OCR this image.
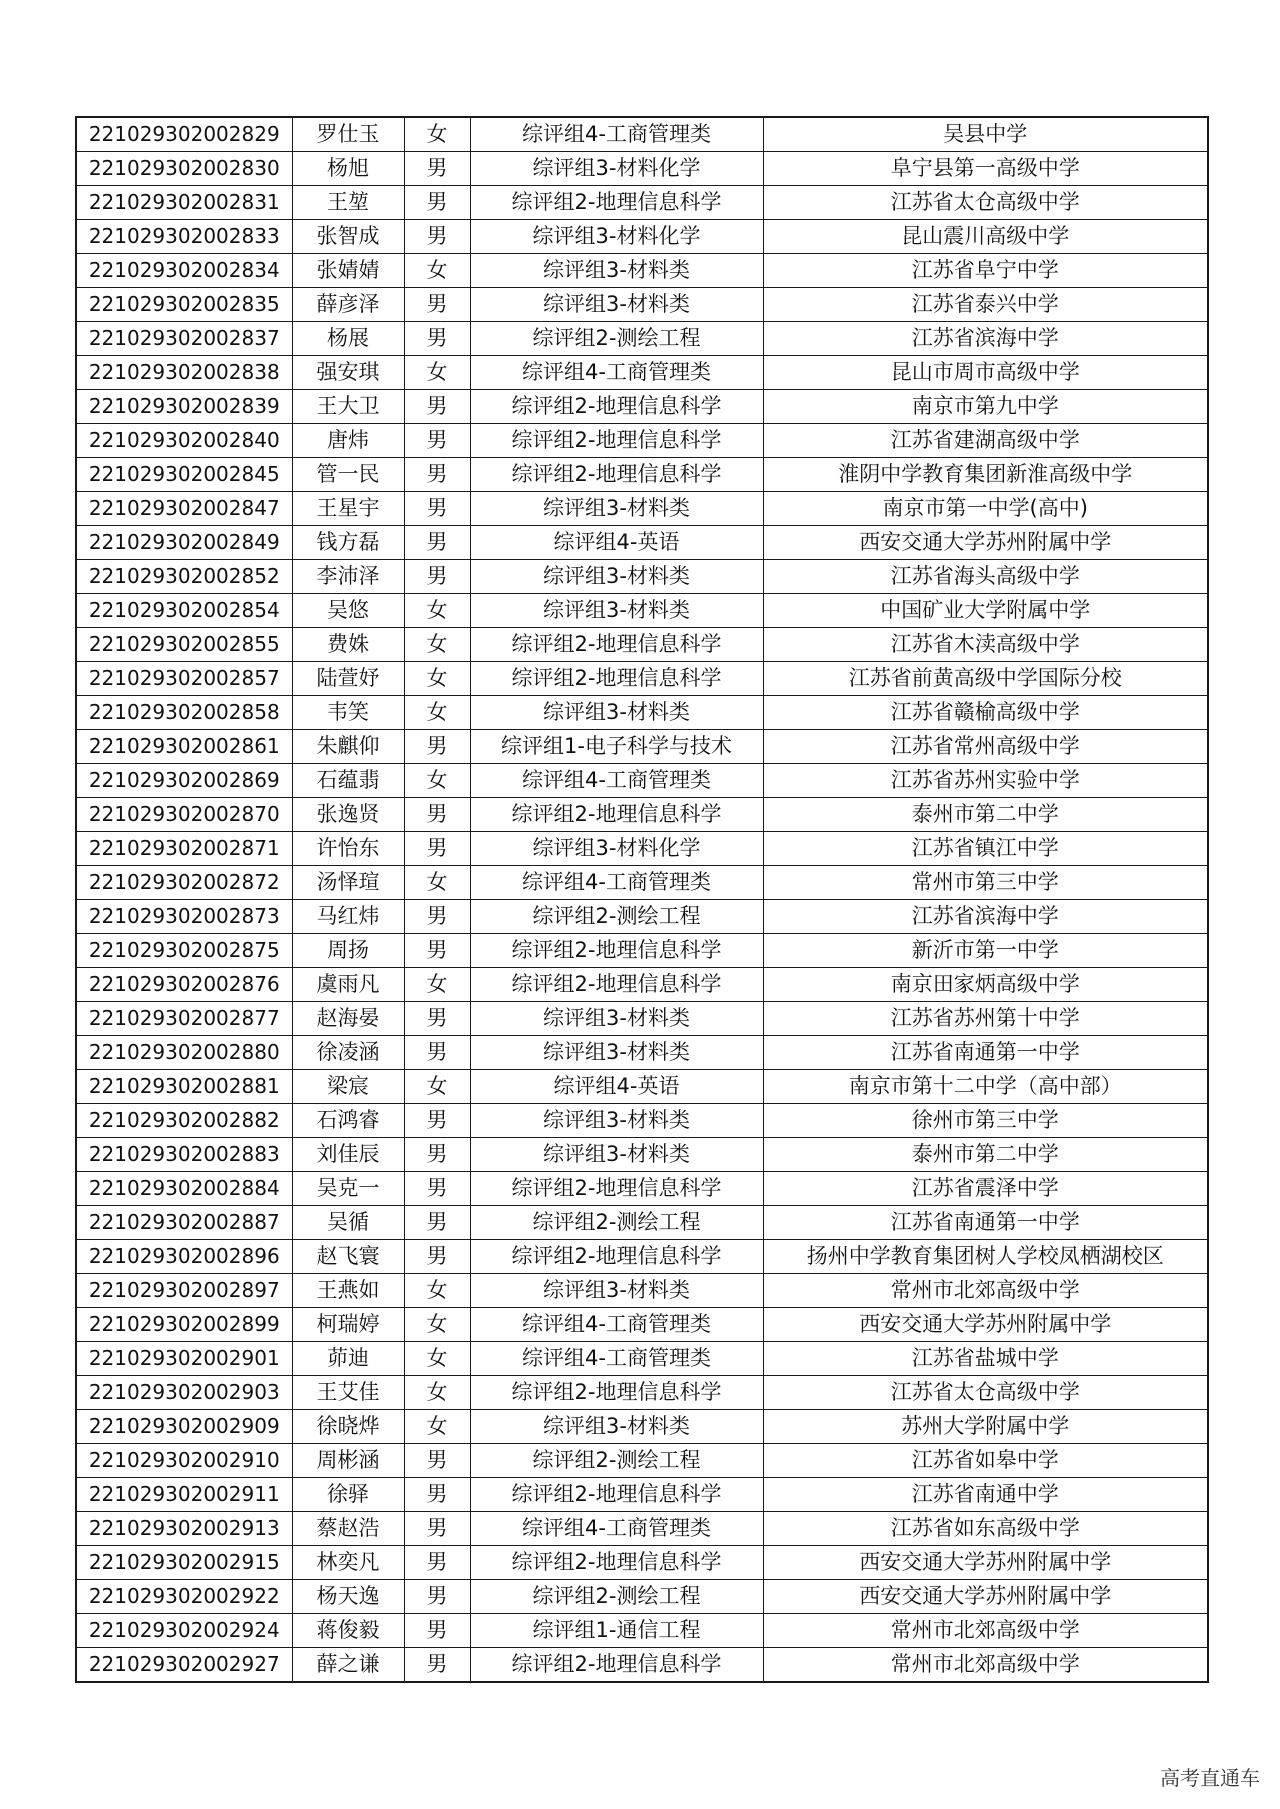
221029302002829	罗仕玉	女	综评组4-工商管理类	吴县中学
221029302002830	杨旭	男	综评组3-材料化学	阜宁县第一高级中学
221029302002831	王堃	男	综评组2-地理信息科学	江苏省太仓高级中学
221029302002833	张智成	男	综评组3-材料化学	昆山震川高级中学
221029302002834	张婧婧	女	综评组3-材料类	江苏省阜宁中学
221029302002835	薛彦泽	男	综评组3-材料类	江苏省泰兴中学
221029302002837	杨展	男	综评组2-测绘工程	江苏省滨海中学
221029302002838	强安琪	女	综评组4-工商管理类	昆山市周市高级中学
221029302002839	王大卫	男	综评组2-地理信息科学	南京市第九中学
221029302002840	唐炜	男	综评组2-地理信息科学	江苏省建湖高级中学
221029302002845	管一民	男	综评组2-地理信息科学	淮阴中学教育集团新淮高级中学
221029302002847	王星宇	男	综评组3-材料类	南京市第一中学(高中)
221029302002849	钱方磊	男	综评组4-英语	西安交通大学苏州附属中学
221029302002852	李沛泽	男	综评组3-材料类	江苏省海头高级中学
221029302002854	吴悠	女	综评组3-材料类	中国矿业大学附属中学
221029302002855	费姝	女	综评组2-地理信息科学	江苏省木渎高级中学
221029302002857	陆萱妤	女	综评组2-地理信息科学	江苏省前黄高级中学国际分校
221029302002858	韦笑	女	综评组3-材料类	江苏省赣榆高级中学
221029302002861	朱麒仰	男	综评组1-电子科学与技术	江苏省常州高级中学
221029302002869	石蕴翡	女	综评组4-工商管理类	江苏省苏州实验中学
221029302002870	张逸贤	男	综评组2-地理信息科学	泰州市第二中学
221029302002871	许怡东	男	综评组3-材料化学	江苏省镇江中学
221029302002872	汤怿瑄	女	综评组4-工商管理类	常州市第三中学
221029302002873	马红炜	男	综评组2-测绘工程	江苏省滨海中学
221029302002875	周扬	男	综评组2-地理信息科学	新沂市第一中学
221029302002876	虞雨凡	女	综评组2-地理信息科学	南京田家炳高级中学
221029302002877	赵海晏	男	综评组3-材料类	江苏省苏州第十中学
221029302002880	徐凌涵	男	综评组3-材料类	江苏省南通第一中学
221029302002881	梁宸	女	综评组4-英语	南京市第十二中学（高中部）
221029302002882	石鸿睿	男	综评组3-材料类	徐州市第三中学
221029302002883	刘佳辰	男	综评组3-材料类	泰州市第二中学
221029302002884	吴克一	男	综评组2-地理信息科学	江苏省震泽中学
221029302002887	吴循	男	综评组2-测绘工程	江苏省南通第一中学
221029302002896	赵飞寰	男	综评组2-地理信息科学	扬州中学教育集团树人学校凤栖湖校区
221029302002897	王燕如	女	综评组3-材料类	常州市北郊高级中学
221029302002899	柯瑞婷	女	综评组4-工商管理类	西安交通大学苏州附属中学
221029302002901	茆迪	女	综评组4-工商管理类	江苏省盐城中学
221029302002903	王艾佳	女	综评组2-地理信息科学	江苏省太仓高级中学
221029302002909	徐晓烨	女	综评组3-材料类	苏州大学附属中学
221029302002910	周彬涵	男	综评组2-测绘工程	江苏省如皋中学
221029302002911	徐驿	男	综评组2-地理信息科学	江苏省南通中学
221029302002913	蔡赵浩	男	综评组4-工商管理类	江苏省如东高级中学
221029302002915	林奕凡	男	综评组2-地理信息科学	西安交通大学苏州附属中学
221029302002922	杨天逸	男	综评组2-测绘工程	西安交通大学苏州附属中学
221029302002924	蒋俊毅	男	综评组1-通信工程	常州市北郊高级中学
221029302002927	薛之谦	男	综评组2-地理信息科学	常州市北郊高级中学
高考直通车
